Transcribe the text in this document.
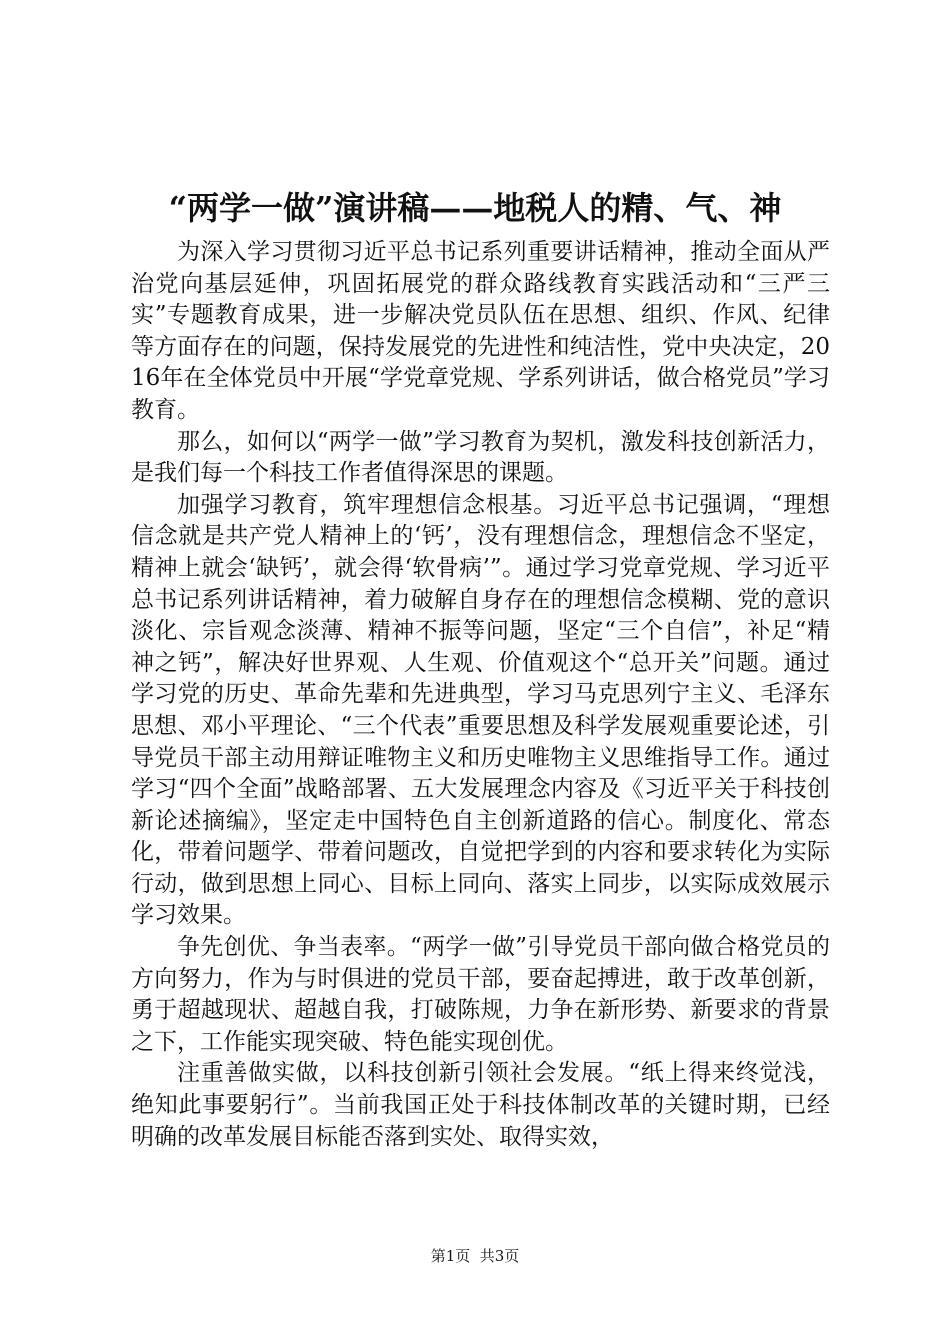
“两学一做”演讲稿——地税人的精、气、神

为深入学习贯彻习近平总书记系列重要讲话精神，推动全面从严治党向基层延伸，巩固拓展党的群众路线教育实践活动和“三严三实”专题教育成果，进一步解决党员队伍在思想、组织、作风、纪律等方面存在的问题，保持发展党的先进性和纯洁性，党中央决定，2016年在全体党员中开展“学党章党规、学系列讲话，做合格党员”学习教育。

那么，如何以“两学一做”学习教育为契机，激发科技创新活力，是我们每一个科技工作者值得深思的课题。

加强学习教育，筑牢理想信念根基。习近平总书记强调，“理想信念就是共产党人精神上的‘钙’，没有理想信念，理想信念不坚定，精神上就会‘缺钙’，就会得‘软骨病’”。通过学习党章党规、学习近平总书记系列讲话精神，着力破解自身存在的理想信念模糊、党的意识淡化、宗旨观念淡薄、精神不振等问题，坚定“三个自信”，补足“精神之钙”，解决好世界观、人生观、价值观这个“总开关”问题。通过学习党的历史、革命先辈和先进典型，学习马克思列宁主义、毛泽东思想、邓小平理论、“三个代表”重要思想及科学发展观重要论述，引导党员干部主动用辩证唯物主义和历史唯物主义思维指导工作。通过学习“四个全面”战略部署、五大发展理念内容及《习近平关于科技创新论述摘编》，坚定走中国特色自主创新道路的信心。制度化、常态化，带着问题学、带着问题改，自觉把学到的内容和要求转化为实际行动，做到思想上同心、目标上同向、落实上同步，以实际成效展示学习效果。

争先创优、争当表率。“两学一做”引导党员干部向做合格党员的方向努力，作为与时俱进的党员干部，要奋起搏进，敢于改革创新，勇于超越现状、超越自我，打破陈规，力争在新形势、新要求的背景之下，工作能实现突破、特色能实现创优。

注重善做实做，以科技创新引领社会发展。“纸上得来终觉浅，绝知此事要躬行”。当前我国正处于科技体制改革的关键时期，已经明确的改革发展目标能否落到实处、取得实效，

第1页  共3页
